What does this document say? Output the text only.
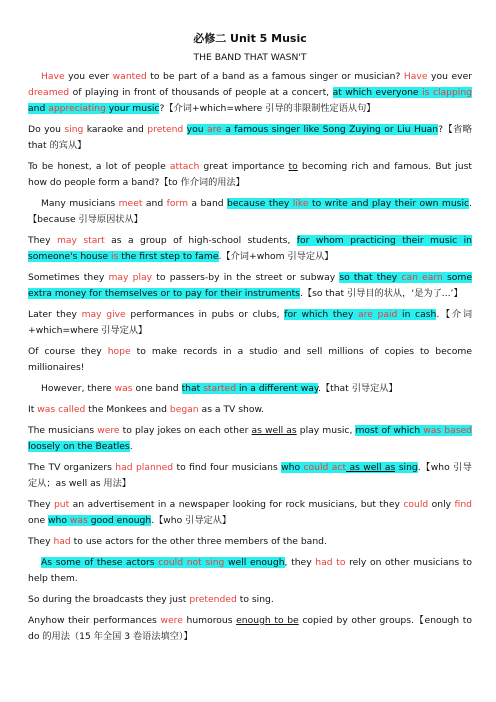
必修二 Unit 5 Music
THE BAND THAT WASN'T

Have you ever wanted to be part of a band as a famous singer or musician? Have you ever dreamed of playing in front of thousands of people at a concert, at which everyone is clapping and appreciating your music?【介词+which=where 引导的非限制性定语从句】

Do you sing karaoke and pretend you are a famous singer like Song Zuying or Liu Huan?【省略 that 的宾从】

To be honest, a lot of people attach great importance to becoming rich and famous. But just how do people form a band?【to 作介词的用法】

Many musicians meet and form a band because they like to write and play their own music.【because 引导原因状从】

They may start as a group of high-school students, for whom practicing their music in someone's house is the first step to fame.【介词+whom 引导定从】

Sometimes they may play to passers-by in the street or subway so that they can earn some extra money for themselves or to pay for their instruments.【so that 引导目的状从，‘是为了...’】

Later they may give performances in pubs or clubs, for which they are paid in cash.【介词+which=where 引导定从】

Of course they hope to make records in a studio and sell millions of copies to become millionaires!

However, there was one band that started in a different way.【that 引导定从】

It was called the Monkees and began as a TV show.

The musicians were to play jokes on each other as well as play music, most of which was based loosely on the Beatles.

The TV organizers had planned to find four musicians who could act as well as sing.【who 引导定从；as well as 用法】

They put an advertisement in a newspaper looking for rock musicians, but they could only find one who was good enough.【who 引导定从】

They had to use actors for the other three members of the band.

As some of these actors could not sing well enough, they had to rely on other musicians to help them.

So during the broadcasts they just pretended to sing.

Anyhow their performances were humorous enough to be copied by other groups.【enough to do 的用法（15 年全国 3 卷语法填空）】
